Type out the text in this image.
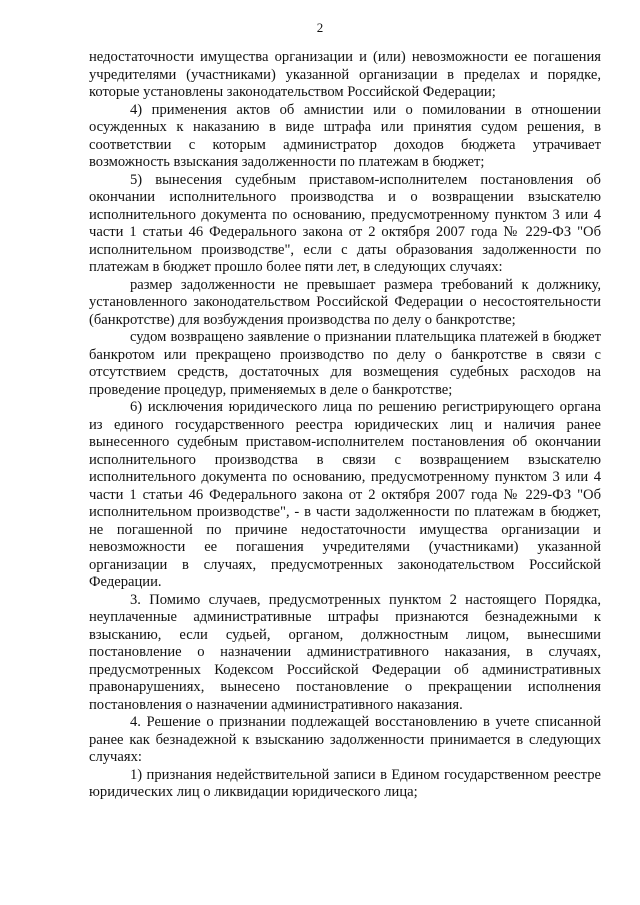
2

недостаточности имущества организации и (или) невозможности ее погашения учредителями (участниками) указанной организации в пределах и порядке, которые установлены законодательством Российской Федерации;

4) применения актов об амнистии или о помиловании в отношении осужденных к наказанию в виде штрафа или принятия судом решения, в соответствии с которым администратор доходов бюджета утрачивает возможность взыскания задолженности по платежам в бюджет;

5) вынесения судебным приставом-исполнителем постановления об окончании исполнительного производства и о возвращении взыскателю исполнительного документа по основанию, предусмотренному пунктом 3 или 4 части 1 статьи 46 Федерального закона от 2 октября 2007 года № 229-ФЗ "Об исполнительном производстве", если с даты образования задолженности по платежам в бюджет прошло более пяти лет, в следующих случаях:

размер задолженности не превышает размера требований к должнику, установленного законодательством Российской Федерации о несостоятельности (банкротстве) для возбуждения производства по делу о банкротстве;

судом возвращено заявление о признании плательщика платежей в бюджет банкротом или прекращено производство по делу о банкротстве в связи с отсутствием средств, достаточных для возмещения судебных расходов на проведение процедур, применяемых в деле о банкротстве;

6) исключения юридического лица по решению регистрирующего органа из единого государственного реестра юридических лиц и наличия ранее вынесенного судебным приставом-исполнителем постановления об окончании исполнительного производства в связи с возвращением взыскателю исполнительного документа по основанию, предусмотренному пунктом 3 или 4 части 1 статьи 46 Федерального закона от 2 октября 2007 года № 229-ФЗ "Об исполнительном производстве", - в части задолженности по платежам в бюджет, не погашенной по причине недостаточности имущества организации и невозможности ее погашения учредителями (участниками) указанной организации в случаях, предусмотренных законодательством Российской Федерации.

3. Помимо случаев, предусмотренных пунктом 2 настоящего Порядка, неуплаченные административные штрафы признаются безнадежными к взысканию, если судьей, органом, должностным лицом, вынесшими постановление о назначении административного наказания, в случаях, предусмотренных Кодексом Российской Федерации об административных правонарушениях, вынесено постановление о прекращении исполнения постановления о назначении административного наказания.

4. Решение о признании подлежащей восстановлению в учете списанной ранее как безнадежной к взысканию задолженности принимается в следующих случаях:

1) признания недействительной записи в Едином государственном реестре юридических лиц о ликвидации юридического лица;
